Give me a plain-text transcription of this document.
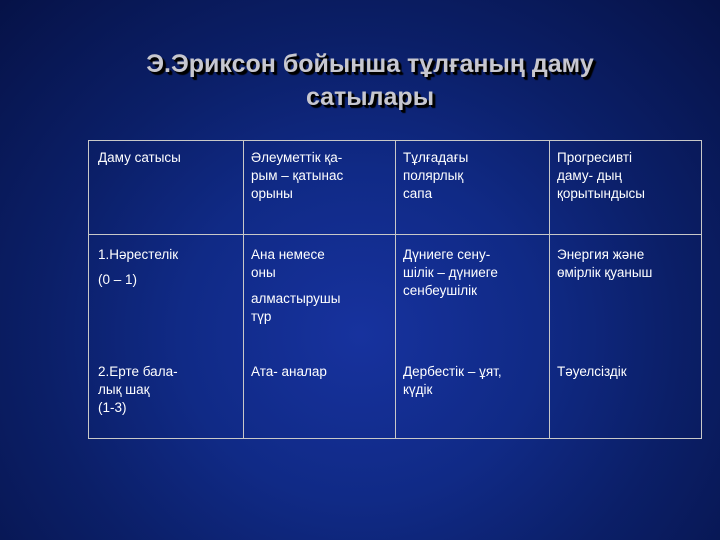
Э.Эриксон бойынша тұлғаның даму
сатылары
Даму сатысы	Әлеуметтік қа-
рым – қатынас
орыны
Тұлғадағы
полярлық
сапа
Прогресивті
даму- дың
қорытындысы
1.Нәрестелік
(0 – 1)
Ана немесе
оны
алмастырушы
түр
Дүниеге сену-
шілік – дүниеге
сенбеушілік
Энергия және
өмірлік қуаныш
2.Ерте бала-
лық шақ
(1-3)
Ата- аналар	Дербестік – ұят,
күдік
Тәуелсіздік
